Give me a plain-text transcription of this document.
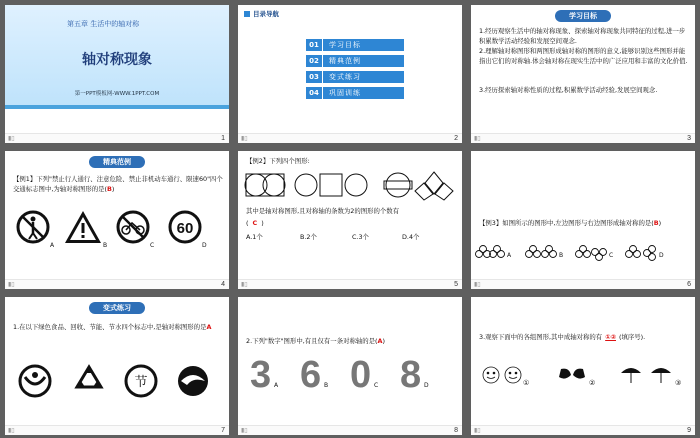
第五章 生活中的轴对称
轴对称现象
第一PPT模板网-WWW.1PPT.COM
▮▯	1
目录导航
01 学习目标
02 精典范例
03 变式练习
04 巩固训练
▮▯	2
学习目标
1.经历观察生活中的轴对称现象、探索轴对称现象共同特征的过程,进一步积累数学活动经验和发展空间观念.
2.理解轴对称图形和两图形成轴对称的图形的意义,能够识别这些图形并能指出它们的对称轴.体会轴对称在现实生活中的广泛应用和丰富的文化价值.
3.经历探索轴对称性质的过程,积累数学活动经验,发展空间观念.
▮▯	3
精典范例
【例1】下列"禁止行人通行、注意危险、禁止非机动车通行、限速60"四个交通标志图中,为轴对称图形的是(B)
60
A	B	C	D
▮▯	4
【例2】下列四个图形:
其中是轴对称图形,且对称轴的条数为2的图形的个数有
( C )
A.1个	B.2个	C.3个	D.4个
▮▯	5
【例3】如图所示的图形中,左边图形与右边图形成轴对称的是(B)
A	B	C	D
▮▯	6
变式练习
1.在以下绿色食品、回收、节能、节水四个标志中,是轴对称图形的是A
节
▮▯	7
2.下列"数字"图形中,有且仅有一条对称轴的是(A)
3 6 0 8
A	B	C	D
▮▯	8
3.观察下面中的各组图形,其中成轴对称的有 ①② (填序号).
①	②	③
▮▯	9
